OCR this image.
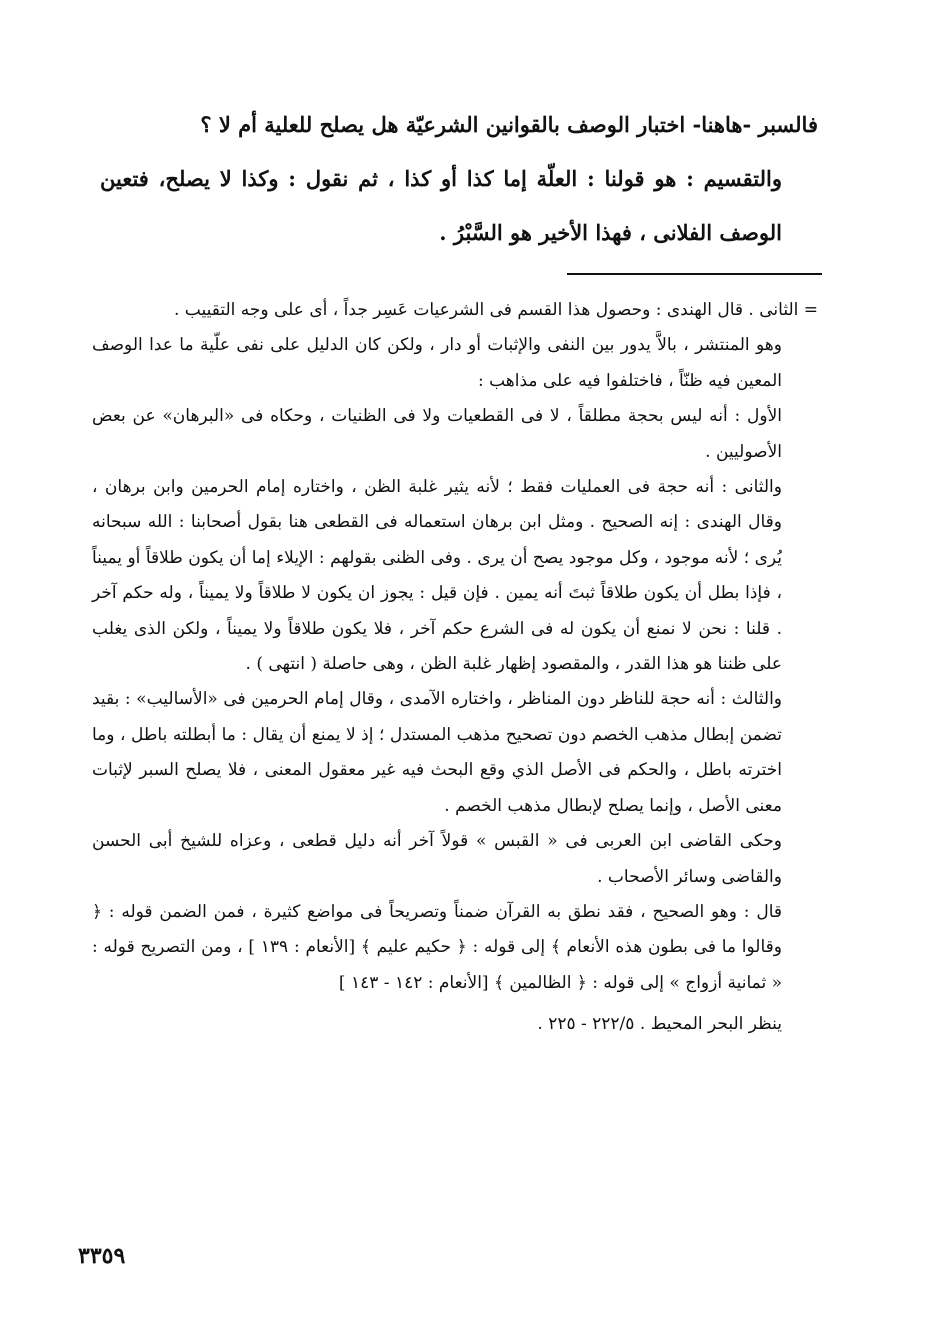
فالسبر -هاهنا- اختبار الوصف بالقوانين الشرعيّة هل يصلح للعلية أم لا ؟

والتقسيم : هو قولنا : العلّة إما كذا أو كذا ، ثم نقول : وكذا لا يصلح، فتعين الوصف الفلانى ، فهذا الأخير هو السَّبْرُ .

= الثانى . قال الهندى : وحصول هذا القسم فى الشرعيات عَسِر جداً ، أى على وجه التقييب .

وهو المنتشر ، بالاَّ يدور بين النفى والإثبات أو دار ، ولكن كان الدليل على نفى علّية ما عدا الوصف المعين فيه ظنّاً ، فاختلفوا فيه على مذاهب :

الأول : أنه ليس بحجة مطلقاً ، لا فى القطعيات ولا فى الظنيات ، وحكاه فى «البرهان» عن بعض الأصوليين .

والثانى : أنه حجة فى العمليات فقط ؛ لأنه يثير غلبة الظن ، واختاره إمام الحرمين وابن برهان ، وقال الهندى : إنه الصحيح . ومثل ابن برهان استعماله فى القطعى هنا بقول أصحابنا : الله سبحانه يُرى ؛ لأنه موجود ، وكل موجود يصح أن يرى . وفى الظنى بقولهم : الإيلاء إما أن يكون طلاقاً أو يميناً ، فإذا بطل أن يكون طلاقاً ثبتَ أنه يمين . فإن قيل : يجوز ان يكون لا طلاقاً ولا يميناً ، وله حكم آخر . قلنا : نحن لا نمنع أن يكون له فى الشرع حكم آخر ، فلا يكون طلاقاً ولا يميناً ، ولكن الذى يغلب على ظننا هو هذا القدر ، والمقصود إظهار غلبة الظن ، وهى حاصلة ( انتهى ) .

والثالث : أنه حجة للناظر دون المناظر ، واختاره الآمدى ، وقال إمام الحرمين فى «الأساليب» : بقيد تضمن إبطال مذهب الخصم دون تصحيح مذهب المستدل ؛ إذ لا يمنع أن يقال : ما أبطلته باطل ، وما اخترته باطل ، والحكم فى الأصل الذي وقع البحث فيه غير معقول المعنى ، فلا يصلح السبر لإثبات معنى الأصل ، وإنما يصلح لإبطال مذهب الخصم .

وحكى القاضى ابن العربى فى « القبس » قولاً آخر أنه دليل قطعى ، وعزاه للشيخ أبى الحسن والقاضى وسائر الأصحاب .

قال : وهو الصحيح ، فقد نطق به القرآن ضمناً وتصريحاً فى مواضع كثيرة ، فمن الضمن قوله : ﴿ وقالوا ما فى بطون هذه الأنعام ﴾ إلى قوله : ﴿ حكيم عليم ﴾ [الأنعام : ١٣٩ ] ، ومن التصريح قوله : « ثمانية أزواج » إلى قوله : ﴿ الظالمين ﴾ [الأنعام : ١٤٢ - ١٤٣ ]

ينظر البحر المحيط . ٢٢٢/٥ - ٢٢٥ .

٣٣٥٩
